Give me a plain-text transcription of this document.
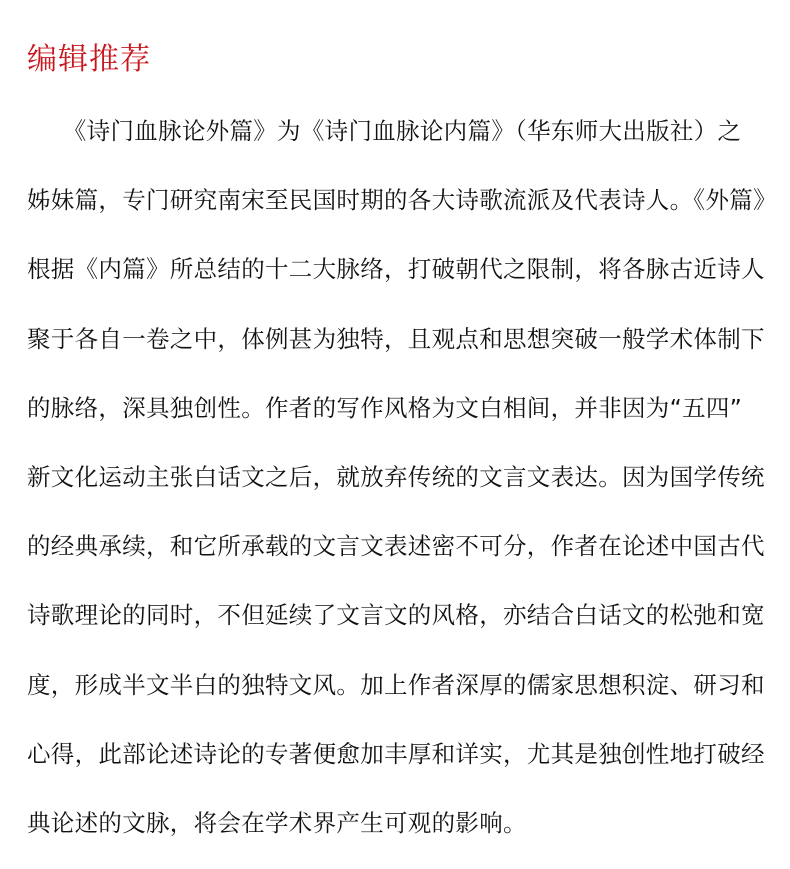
编辑推荐
　　《诗门血脉论外篇》为《诗门血脉论内篇》（华东师大出版社）之
姊妹篇，专门研究南宋至民国时期的各大诗歌流派及代表诗人。《外篇》
根据《内篇》所总结的十二大脉络，打破朝代之限制，将各脉古近诗人
聚于各自一卷之中，体例甚为独特，且观点和思想突破一般学术体制下
的脉络，深具独创性。作者的写作风格为文白相间，并非因为“五四”
新文化运动主张白话文之后，就放弃传统的文言文表达。因为国学传统
的经典承续，和它所承载的文言文表述密不可分，作者在论述中国古代
诗歌理论的同时，不但延续了文言文的风格，亦结合白话文的松弛和宽
度，形成半文半白的独特文风。加上作者深厚的儒家思想积淀、研习和
心得，此部论述诗论的专著便愈加丰厚和详实，尤其是独创性地打破经
典论述的文脉，将会在学术界产生可观的影响。
